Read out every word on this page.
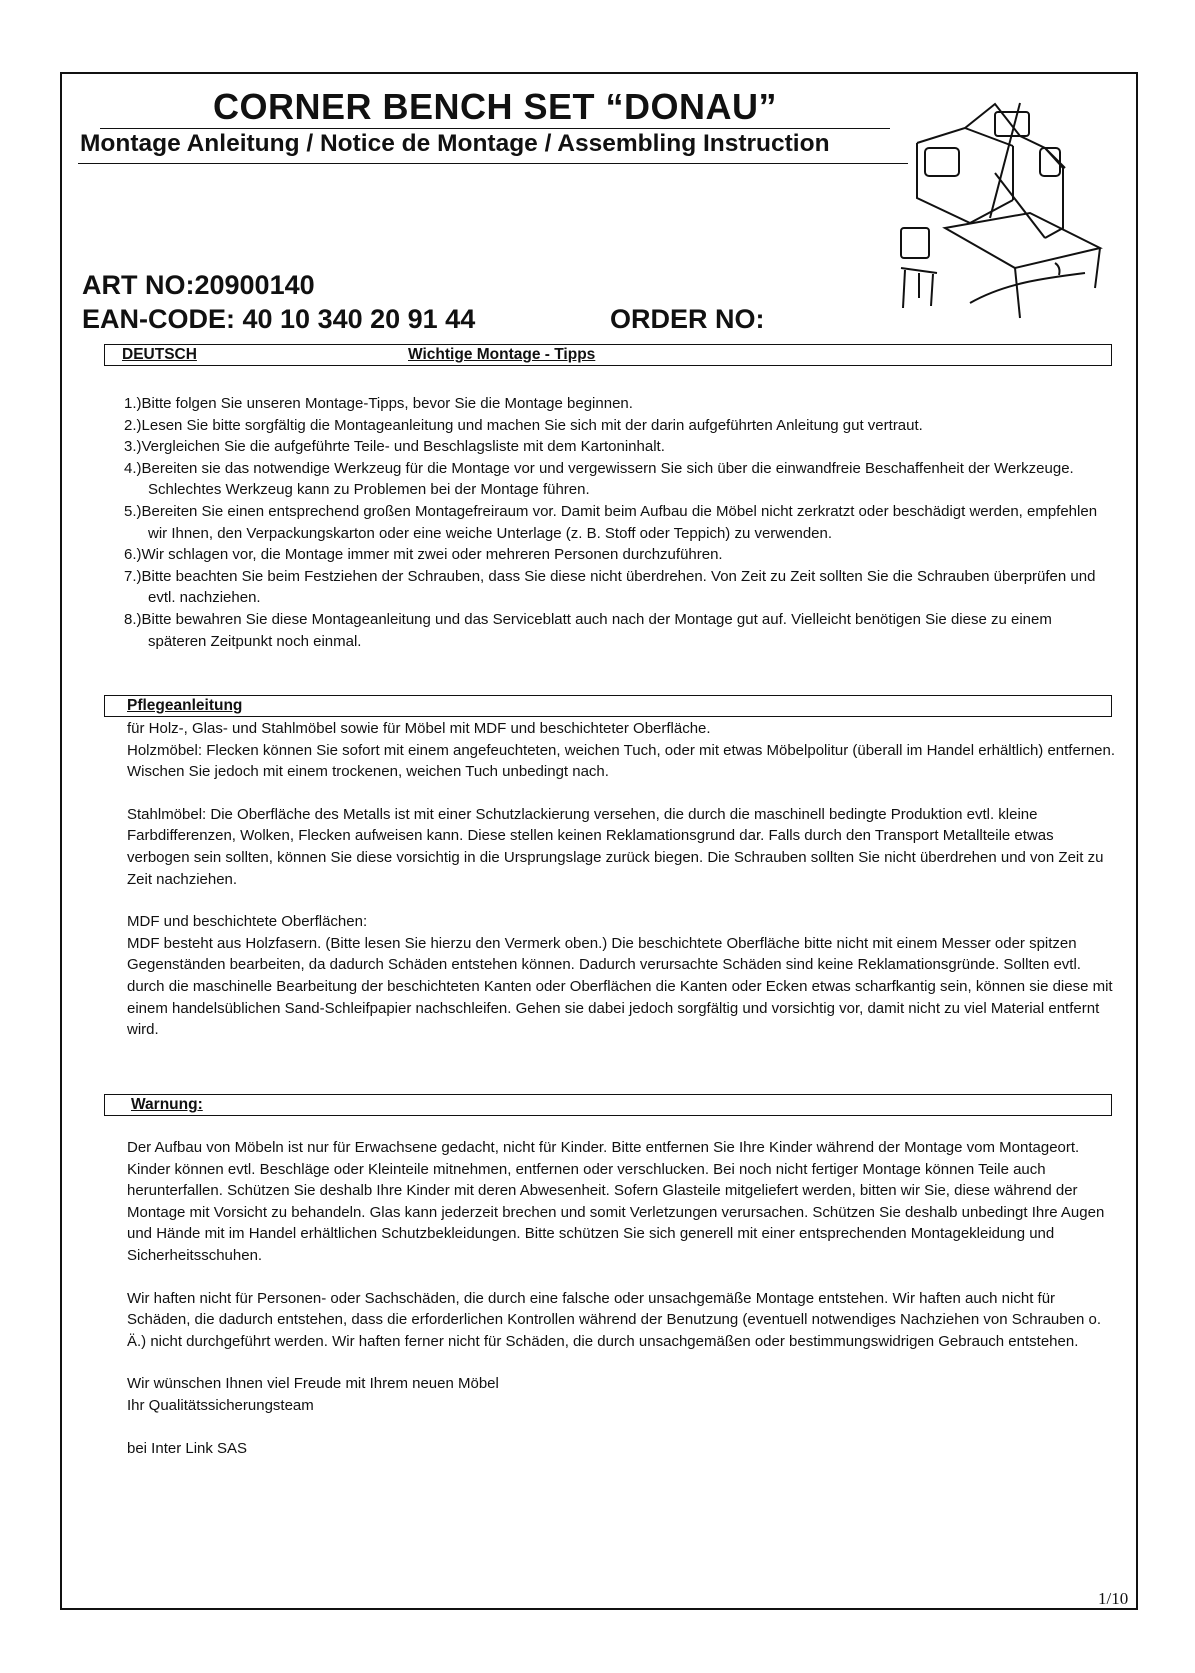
CORNER BENCH SET “DONAU”
Montage Anleitung / Notice de Montage / Assembling Instruction
ART NO:20900140
EAN-CODE: 40 10 340 20 91 44	ORDER NO:
DEUTSCH	Wichtige Montage - Tipps
1.)Bitte folgen Sie unseren Montage-Tipps, bevor Sie die Montage beginnen.
2.)Lesen Sie bitte sorgfältig die Montageanleitung und machen Sie sich mit der darin aufgeführten Anleitung gut vertraut.
3.)Vergleichen Sie die aufgeführte Teile- und Beschlagsliste mit dem Kartoninhalt.
4.)Bereiten sie das notwendige Werkzeug für die Montage vor und vergewissern Sie sich über die einwandfreie Beschaffenheit der Werkzeuge. Schlechtes Werkzeug kann zu Problemen bei der Montage führen.
5.)Bereiten Sie einen entsprechend großen Montagefreiraum vor. Damit beim Aufbau die Möbel nicht zerkratzt oder beschädigt werden, empfehlen wir Ihnen, den Verpackungskarton oder eine weiche Unterlage (z. B. Stoff oder Teppich) zu verwenden.
6.)Wir schlagen vor, die Montage immer mit zwei oder mehreren Personen durchzuführen.
7.)Bitte beachten Sie beim Festziehen der Schrauben, dass Sie diese nicht überdrehen. Von Zeit zu Zeit sollten Sie die Schrauben überprüfen und evtl. nachziehen.
8.)Bitte bewahren Sie diese Montageanleitung und das Serviceblatt auch nach der Montage gut auf. Vielleicht benötigen Sie diese zu einem späteren Zeitpunkt noch einmal.
Pflegeanleitung

für Holz-, Glas- und Stahlmöbel sowie für Möbel mit MDF und beschichteter Oberfläche.

Holzmöbel: Flecken können Sie sofort mit einem angefeuchteten, weichen Tuch, oder mit etwas Möbelpolitur (überall im Handel erhältlich) entfernen. Wischen Sie jedoch mit einem trockenen, weichen Tuch unbedingt nach.

Stahlmöbel: Die Oberfläche des Metalls ist mit einer Schutzlackierung versehen, die durch die maschinell bedingte Produktion evtl. kleine Farbdifferenzen, Wolken, Flecken aufweisen kann. Diese stellen keinen Reklamationsgrund dar. Falls durch den Transport Metallteile etwas verbogen sein sollten, können Sie diese vorsichtig in die Ursprungslage zurück biegen. Die Schrauben sollten Sie nicht überdrehen und von Zeit zu Zeit nachziehen.

MDF und beschichtete Oberflächen:

MDF besteht aus Holzfasern. (Bitte lesen Sie hierzu den Vermerk oben.) Die beschichtete Oberfläche bitte nicht mit einem Messer oder spitzen Gegenständen bearbeiten, da dadurch Schäden entstehen können. Dadurch verursachte Schäden sind keine Reklamationsgründe. Sollten evtl. durch die maschinelle Bearbeitung der beschichteten Kanten oder Oberflächen die Kanten oder Ecken etwas scharfkantig sein, können sie diese mit einem handelsüblichen Sand-Schleifpapier nachschleifen. Gehen sie dabei jedoch sorgfältig und vorsichtig vor, damit nicht zu viel Material entfernt wird.

Warnung:

Der Aufbau von Möbeln ist nur für Erwachsene gedacht, nicht für Kinder. Bitte entfernen Sie Ihre Kinder während der Montage vom Montageort. Kinder können evtl. Beschläge oder Kleinteile mitnehmen, entfernen oder verschlucken. Bei noch nicht fertiger Montage können Teile auch herunterfallen. Schützen Sie deshalb Ihre Kinder mit deren Abwesenheit. Sofern Glasteile mitgeliefert werden, bitten wir Sie, diese während der Montage mit Vorsicht zu behandeln. Glas kann jederzeit brechen und somit Verletzungen verursachen. Schützen Sie deshalb unbedingt Ihre Augen und Hände mit im Handel erhältlichen Schutzbekleidungen. Bitte schützen Sie sich generell mit einer entsprechenden Montagekleidung und Sicherheitsschuhen.

Wir haften nicht für Personen- oder Sachschäden, die durch eine falsche oder unsachgemäße Montage entstehen. Wir haften auch nicht für Schäden, die dadurch entstehen, dass die erforderlichen Kontrollen während der Benutzung (eventuell notwendiges Nachziehen von Schrauben o. Ä.) nicht durchgeführt werden. Wir haften ferner nicht für Schäden, die durch unsachgemäßen oder bestimmungswidrigen Gebrauch entstehen.

Wir wünschen Ihnen viel Freude mit Ihrem neuen Möbel

Ihr Qualitätssicherungsteam

bei Inter Link SAS

1/10
